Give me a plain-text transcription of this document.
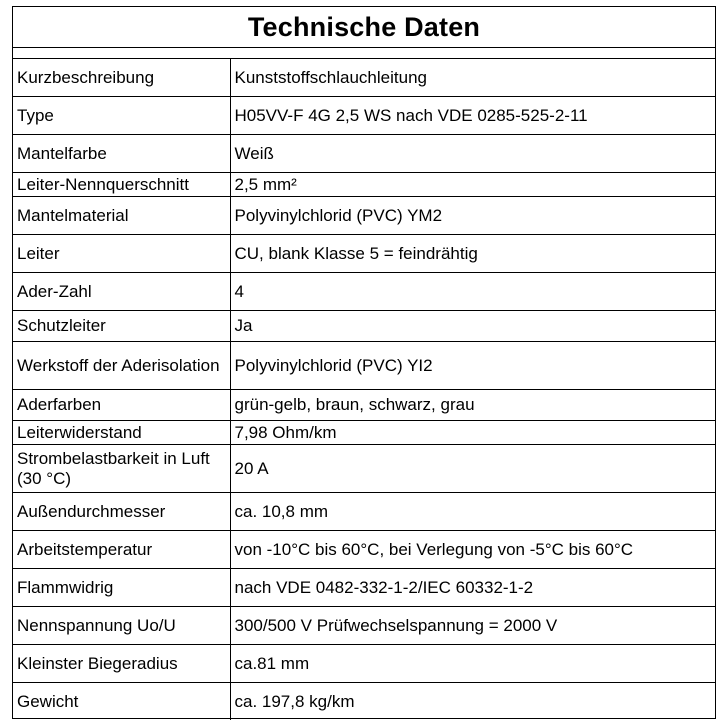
Technische Daten
Kurzbeschreibung	Kunststoffschlauchleitung
Type	H05VV-F 4G 2,5 WS nach VDE 0285-525-2-11
Mantelfarbe	Weiß
Leiter-Nennquerschnitt	2,5 mm²
Mantelmaterial	Polyvinylchlorid (PVC) YM2
Leiter	CU, blank Klasse 5 = feindrähtig
Ader-Zahl	4
Schutzleiter	Ja
Werkstoff der Aderisolation	Polyvinylchlorid (PVC) YI2
Aderfarben	grün-gelb, braun, schwarz, grau
Leiterwiderstand	7,98 Ohm/km
Strombelastbarkeit in Luft (30 °C)	20 A
Außendurchmesser	ca. 10,8 mm
Arbeitstemperatur	von -10°C bis 60°C, bei Verlegung von -5°C bis 60°C
Flammwidrig	nach VDE 0482-332-1-2/IEC 60332-1-2
Nennspannung Uo/U	300/500 V Prüfwechselspannung = 2000 V
Kleinster Biegeradius	ca.81 mm
Gewicht	ca. 197,8 kg/km
